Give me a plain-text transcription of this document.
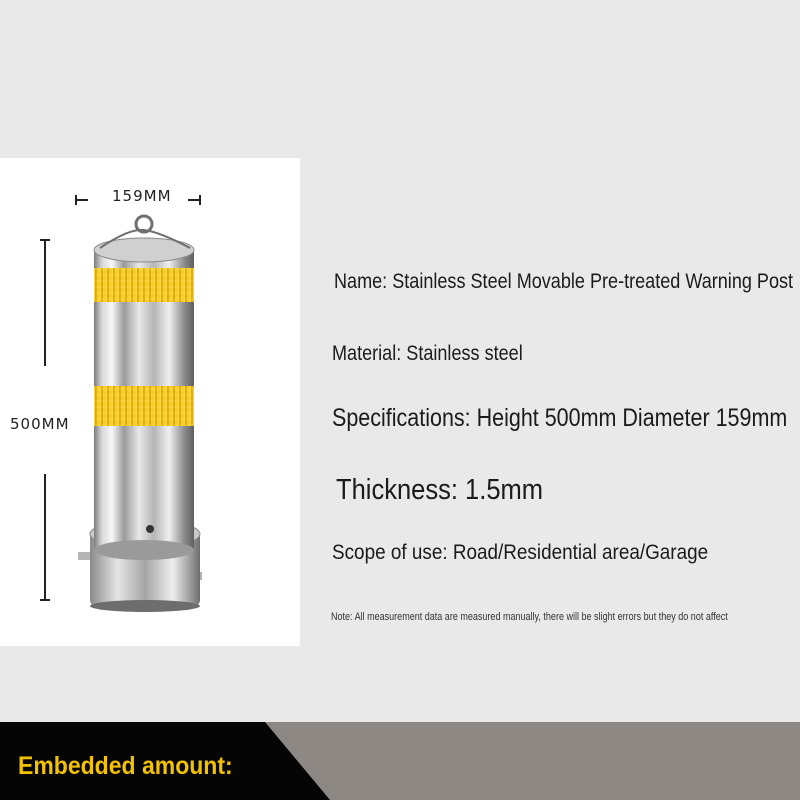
159MM
500MM
Name: Stainless Steel Movable Pre-treated Warning Post
Material: Stainless steel
Specifications: Height 500mm Diameter 159mm
Thickness: 1.5mm
Scope of use: Road/Residential area/Garage
Note: All measurement data are measured manually, there will be slight errors but they do not affect
Embedded amount:
